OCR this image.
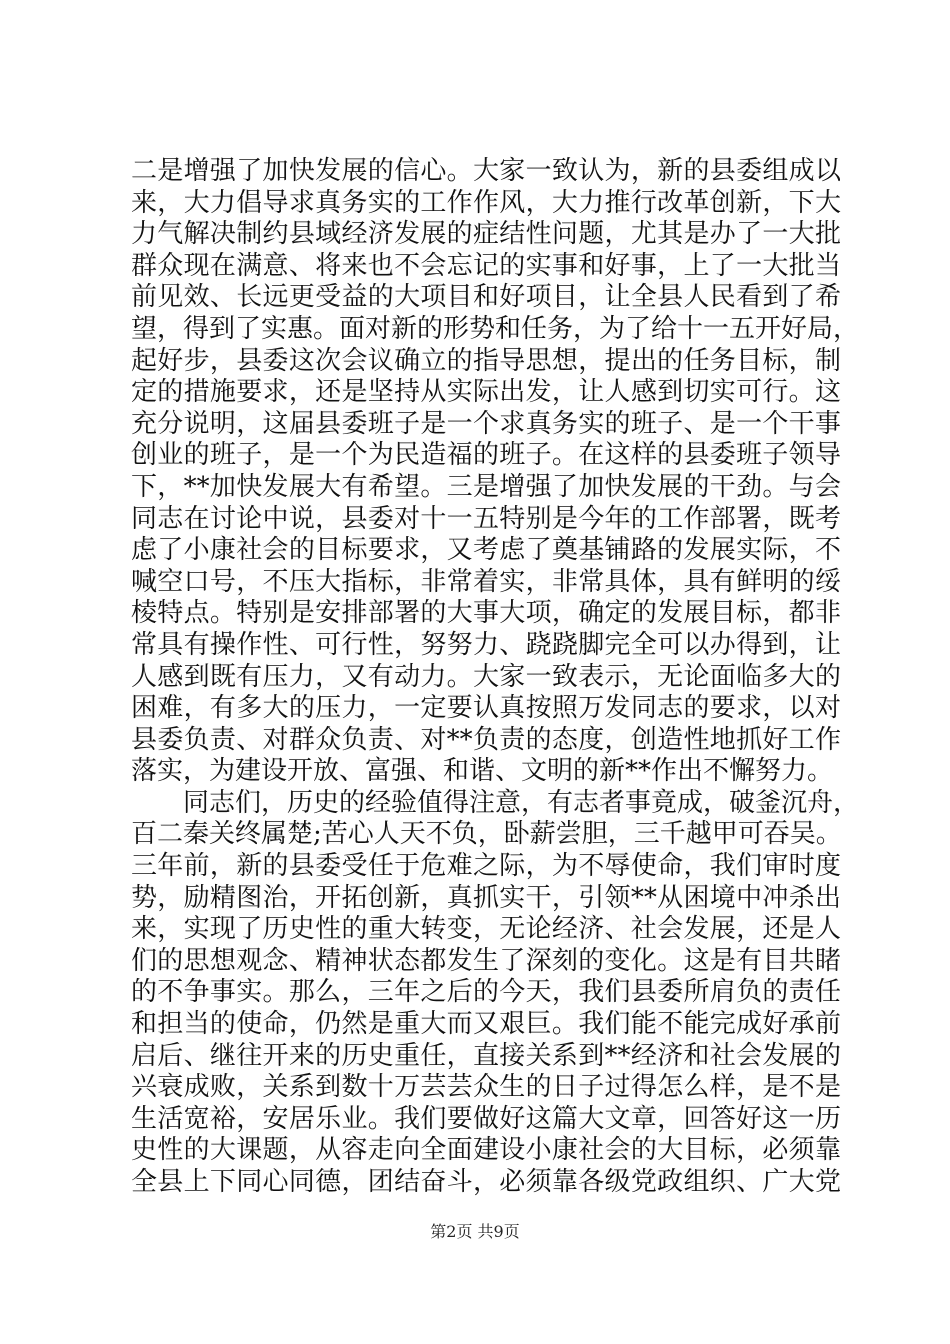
二是增强了加快发展的信心。大家一致认为，新的县委组成以
来，大力倡导求真务实的工作作风，大力推行改革创新，下大
力气解决制约县域经济发展的症结性问题，尤其是办了一大批
群众现在满意、将来也不会忘记的实事和好事，上了一大批当
前见效、长远更受益的大项目和好项目，让全县人民看到了希
望，得到了实惠。面对新的形势和任务，为了给十一五开好局，
起好步，县委这次会议确立的指导思想，提出的任务目标，制
定的措施要求，还是坚持从实际出发，让人感到切实可行。这
充分说明，这届县委班子是一个求真务实的班子、是一个干事
创业的班子，是一个为民造福的班子。在这样的县委班子领导
下，**加快发展大有希望。三是增强了加快发展的干劲。与会
同志在讨论中说，县委对十一五特别是今年的工作部署，既考
虑了小康社会的目标要求，又考虑了奠基铺路的发展实际，不
喊空口号，不压大指标，非常着实，非常具体，具有鲜明的绥
棱特点。特别是安排部署的大事大项，确定的发展目标，都非
常具有操作性、可行性，努努力、跷跷脚完全可以办得到，让
人感到既有压力，又有动力。大家一致表示，无论面临多大的
困难，有多大的压力，一定要认真按照万发同志的要求，以对
县委负责、对群众负责、对**负责的态度，创造性地抓好工作
落实，为建设开放、富强、和谐、文明的新**作出不懈努力。
同志们，历史的经验值得注意，有志者事竟成，破釜沉舟，
百二秦关终属楚;苦心人天不负，卧薪尝胆，三千越甲可吞吴。
三年前，新的县委受任于危难之际，为不辱使命，我们审时度
势，励精图治，开拓创新，真抓实干，引领**从困境中冲杀出
来，实现了历史性的重大转变，无论经济、社会发展，还是人
们的思想观念、精神状态都发生了深刻的变化。这是有目共睹
的不争事实。那么，三年之后的今天，我们县委所肩负的责任
和担当的使命，仍然是重大而又艰巨。我们能不能完成好承前
启后、继往开来的历史重任，直接关系到**经济和社会发展的
兴衰成败，关系到数十万芸芸众生的日子过得怎么样，是不是
生活宽裕，安居乐业。我们要做好这篇大文章，回答好这一历
史性的大课题，从容走向全面建设小康社会的大目标，必须靠
全县上下同心同德，团结奋斗，必须靠各级党政组织、广大党
第2页 共9页
